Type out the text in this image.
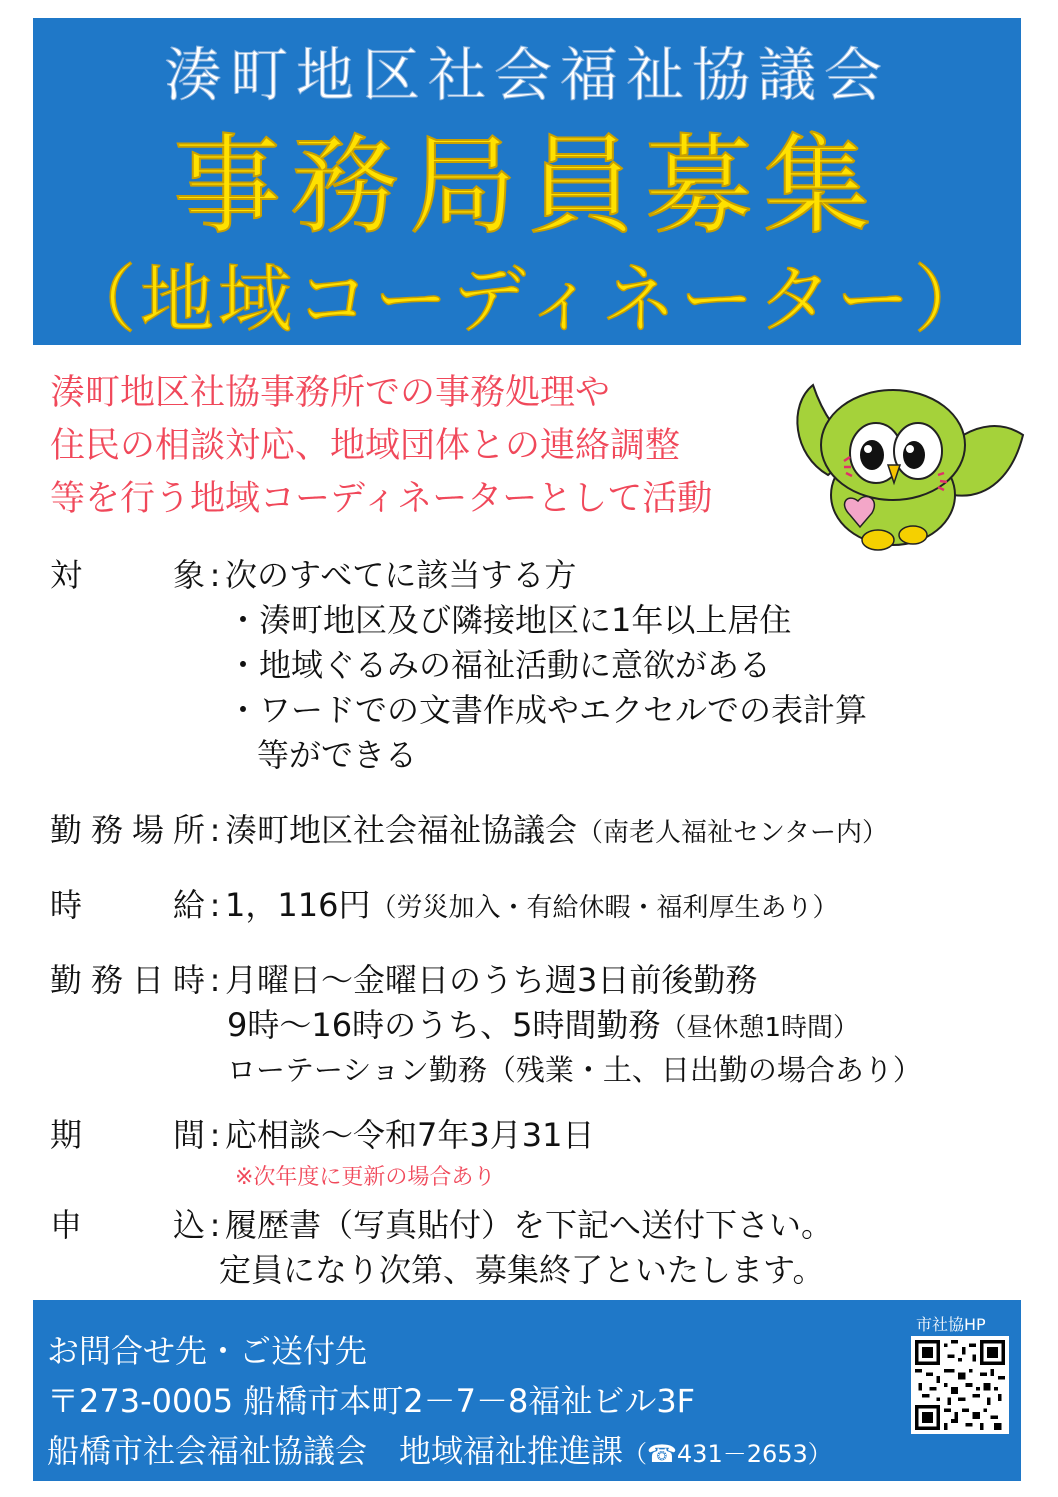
湊町地区社会福祉協議会
事務局員募集
（地域コーディネーター）
湊町地区社協事務所での事務処理や
住民の相談対応、地域団体との連絡調整
等を行う地域コーディネーターとして活動
対象 : 次のすべてに該当する方
・湊町地区及び隣接地区に1年以上居住
・地域ぐるみの福祉活動に意欲がある
・ワードでの文書作成やエクセルでの表計算
等ができる
勤務場所 : 湊町地区社会福祉協議会（南老人福祉センター内）
時給 : 1，116円（労災加入・有給休暇・福利厚生あり）
勤務日時 : 月曜日～金曜日のうち週3日前後勤務
9時～16時のうち、5時間勤務（昼休憩1時間）
ローテーション勤務（残業・土、日出勤の場合あり）
期間 : 応相談～令和7年3月31日
※次年度に更新の場合あり
申込 : 履歴書（写真貼付）を下記へ送付下さい。
定員になり次第、募集終了といたします。
お問合せ先・ご送付先
〒273-0005 船橋市本町2－7－8福祉ビル3F
船橋市社会福祉協議会　地域福祉推進課（☎431－2653）
市社協HP
